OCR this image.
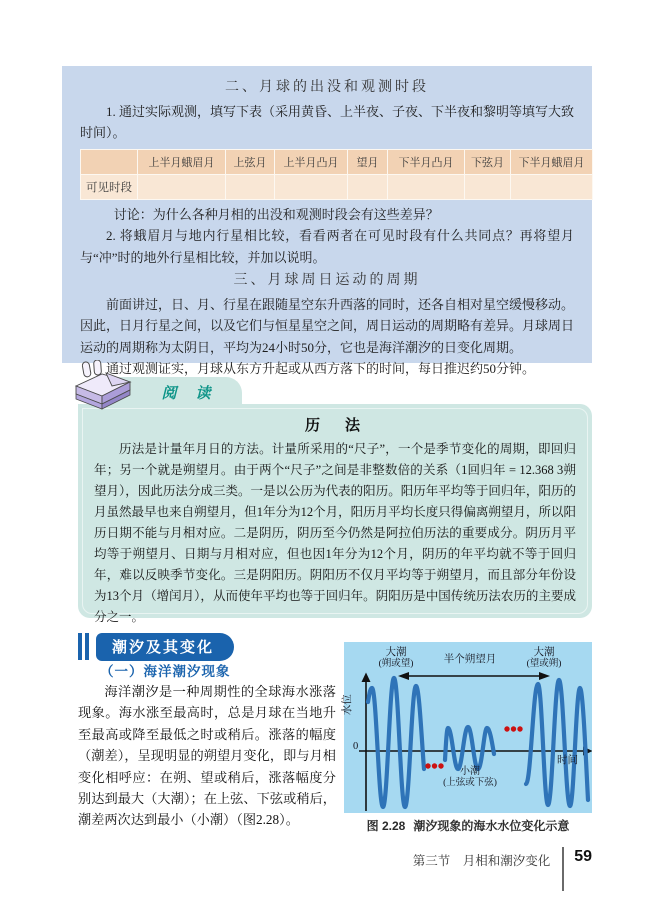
二、月球的出没和观测时段

1. 通过实际观测，填写下表（采用黄昏、上半夜、子夜、下半夜和黎明等填写大致时间）。

	上半月蛾眉月	上弦月	上半月凸月	望月	下半月凸月	下弦月	下半月蛾眉月
可见时段							

讨论：为什么各种月相的出没和观测时段会有这些差异？

2. 将蛾眉月与地内行星相比较，看看两者在可见时段有什么共同点？再将望月与“冲”时的地外行星相比较，并加以说明。

三、月球周日运动的周期

前面讲过，日、月、行星在跟随星空东升西落的同时，还各自相对星空缓慢移动。因此，日月行星之间，以及它们与恒星星空之间，周日运动的周期略有差异。月球周日运动的周期称为太阴日，平均为24小时50分，它也是海洋潮汐的日变化周期。

通过观测证实，月球从东方升起或从西方落下的时间，每日推迟约50分钟。

阅　读
历　法

历法是计量年月日的方法。计量所采用的“尺子”，一个是季节变化的周期，即回归年；另一个就是朔望月。由于两个“尺子”之间是非整数倍的关系（1回归年 = 12.368 3朔望月），因此历法分成三类。一是以公历为代表的阳历。阳历年平均等于回归年，阳历的月虽然最早也来自朔望月，但1年分为12个月，阳历月平均长度只得偏离朔望月，所以阳历日期不能与月相对应。二是阴历，阴历至今仍然是阿拉伯历法的重要成分。阴历月平均等于朔望月、日期与月相对应，但也因1年分为12个月，阴历的年平均就不等于回归年，难以反映季节变化。三是阴阳历。阴阳历不仅月平均等于朔望月，而且部分年份设为13个月（增闰月），从而使年平均也等于回归年。阴阳历是中国传统历法农历的主要成分之一。

潮汐及其变化
（一）海洋潮汐现象

海洋潮汐是一种周期性的全球海水涨落现象。海水涨至最高时，总是月球在当地升至最高或降至最低之时或稍后。涨落的幅度（潮差），呈现明显的朔望月变化，即与月相变化相呼应：在朔、望或稍后，涨落幅度分别达到最大（大潮）；在上弦、下弦或稍后，潮差两次达到最小（小潮）（图2.28）。

大潮
(朔或望)
大潮
(望或朔)
半个朔望月
水位
0
时间
小潮
(上弦或下弦)
图 2.28 潮汐现象的海水水位变化示意
第三节　月相和潮汐变化	59
